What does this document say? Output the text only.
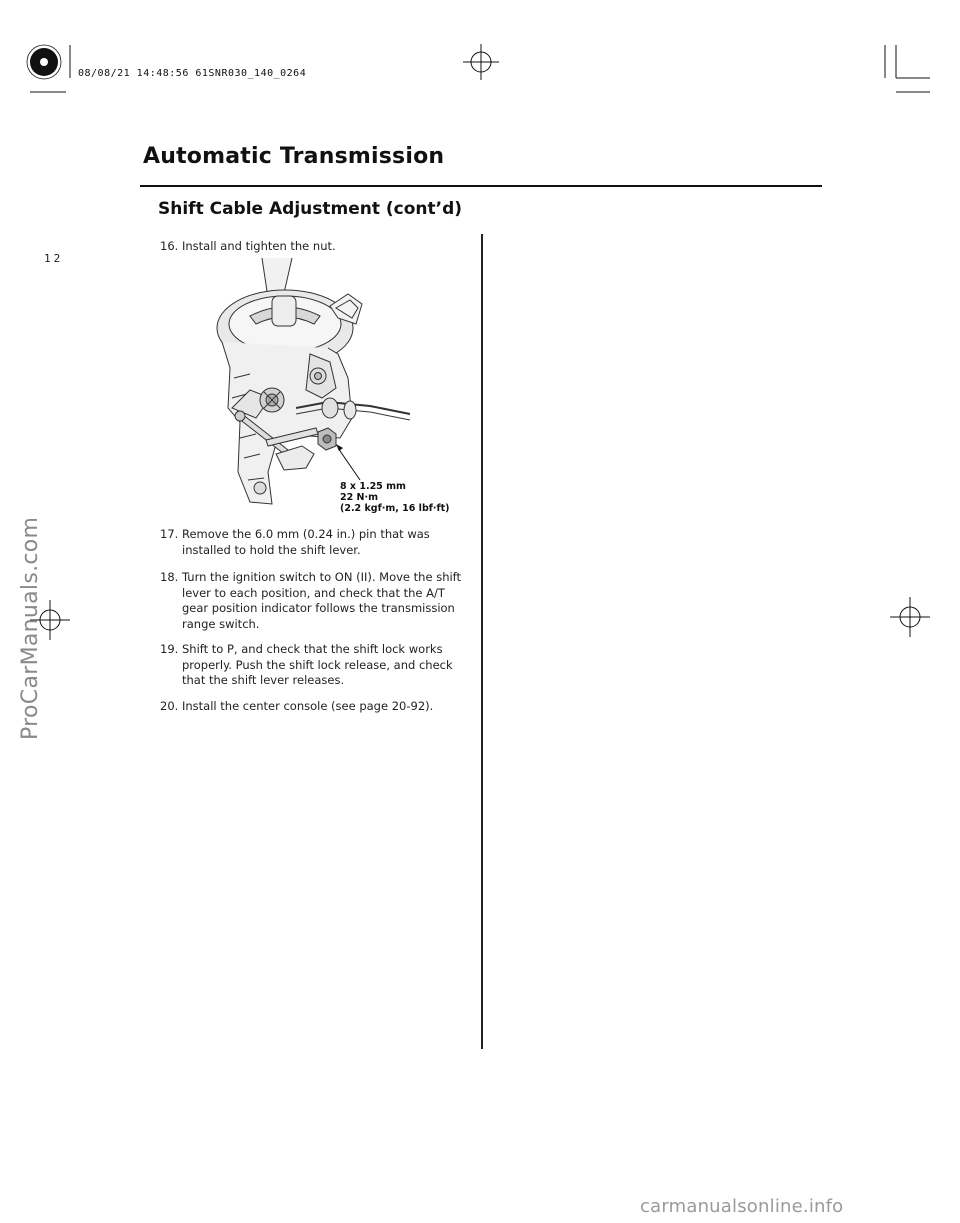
08/08/21 14:48:56 61SNR030_140_0264
Automatic Transmission
Shift Cable Adjustment (cont’d)
12
16. Install and tighten the nut.
8 x 1.25 mm
22 N·m
(2.2 kgf·m, 16 lbf·ft)
17. Remove the 6.0 mm (0.24 in.) pin that was installed to hold the shift lever.
18. Turn the ignition switch to ON (II). Move the shift lever to each position, and check that the A/T gear position indicator follows the transmission range switch.
19. Shift to P, and check that the shift lock works properly. Push the shift lock release, and check that the shift lever releases.
20. Install the center console (see page 20-92).
ProCarManuals.com
carmanualsonline.info
